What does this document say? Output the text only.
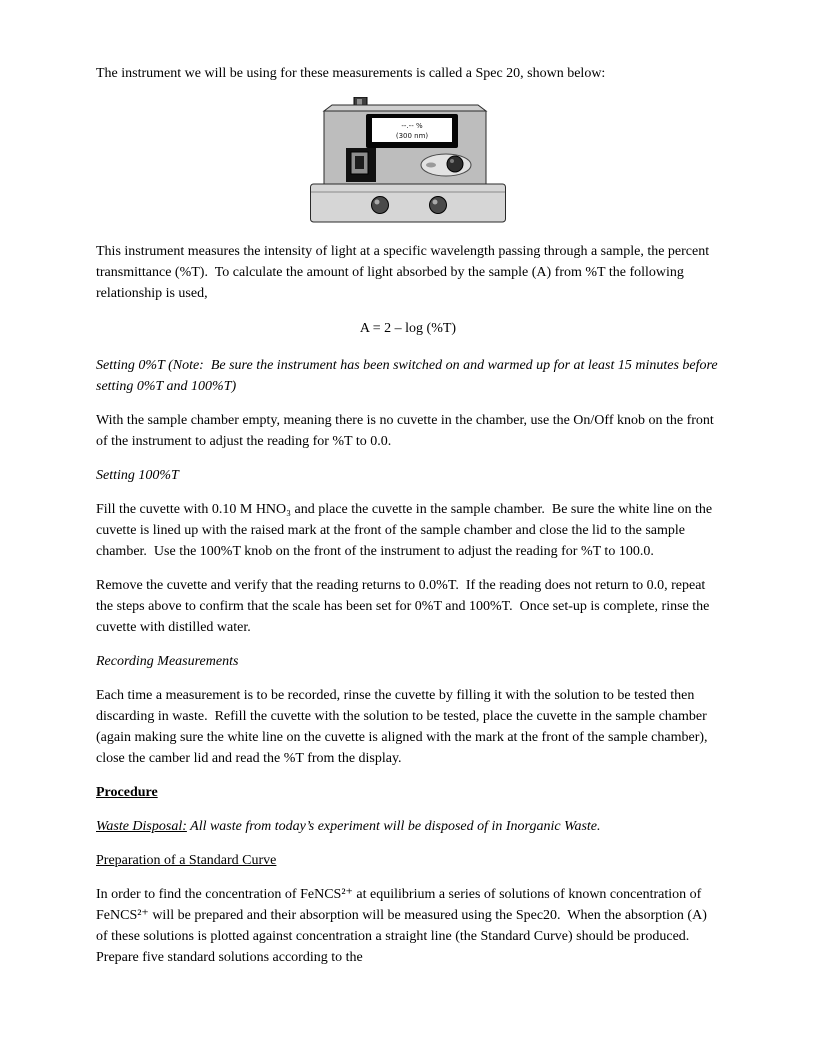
The instrument we will be using for these measurements is called a Spec 20, shown below:

--.-- %
(300 nm)

This instrument measures the intensity of light at a specific wavelength passing through a sample, the percent transmittance (%T).  To calculate the amount of light absorbed by the sample (A) from %T the following relationship is used,

A = 2 – log (%T)

Setting 0%T (Note:  Be sure the instrument has been switched on and warmed up for at least 15 minutes before setting 0%T and 100%T)

With the sample chamber empty, meaning there is no cuvette in the chamber, use the On/Off knob on the front of the instrument to adjust the reading for %T to 0.0.

Setting 100%T

Fill the cuvette with 0.10 M HNO₃ and place the cuvette in the sample chamber.  Be sure the white line on the cuvette is lined up with the raised mark at the front of the sample chamber and close the lid to the sample chamber.  Use the 100%T knob on the front of the instrument to adjust the reading for %T to 100.0.

Remove the cuvette and verify that the reading returns to 0.0%T.  If the reading does not return to 0.0, repeat the steps above to confirm that the scale has been set for 0%T and 100%T.  Once set-up is complete, rinse the cuvette with distilled water.

Recording Measurements

Each time a measurement is to be recorded, rinse the cuvette by filling it with the solution to be tested then discarding in waste.  Refill the cuvette with the solution to be tested, place the cuvette in the sample chamber (again making sure the white line on the cuvette is aligned with the mark at the front of the sample chamber), close the camber lid and read the %T from the display.

Procedure

Waste Disposal: All waste from today’s experiment will be disposed of in Inorganic Waste.

Preparation of a Standard Curve

In order to find the concentration of FeNCS²⁺ at equilibrium a series of solutions of known concentration of FeNCS²⁺ will be prepared and their absorption will be measured using the Spec20.  When the absorption (A) of these solutions is plotted against concentration a straight line (the Standard Curve) should be produced.  Prepare five standard solutions according to the
